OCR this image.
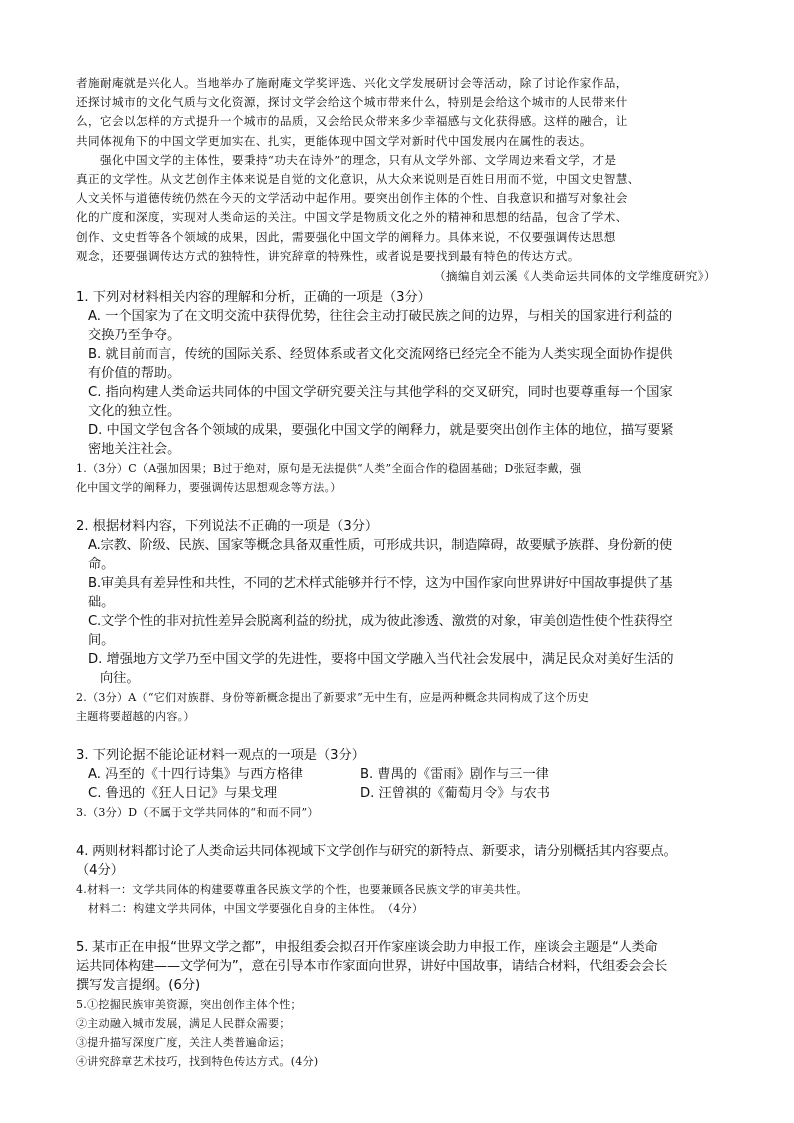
者施耐庵就是兴化人。当地举办了施耐庵文学奖评选、兴化文学发展研讨会等活动，除了讨论作家作品，
还探讨城市的文化气质与文化资源，探讨文学会给这个城市带来什么，特别是会给这个城市的人民带来什
么，它会以怎样的方式提升一个城市的品质，又会给民众带来多少幸福感与文化获得感。这样的融合，让
共同体视角下的中国文学更加实在、扎实，更能体现中国文学对新时代中国发展内在属性的表达。
强化中国文学的主体性，要秉持“功夫在诗外”的理念，只有从文学外部、文学周边来看文学，才是
真正的文学性。从文艺创作主体来说是自觉的文化意识，从大众来说则是百姓日用而不觉，中国文史智慧、
人文关怀与道德传统仍然在今天的文学活动中起作用。要突出创作主体的个性、自我意识和描写对象社会
化的广度和深度，实现对人类命运的关注。中国文学是物质文化之外的精神和思想的结晶，包含了学术、
创作、文史哲等各个领域的成果，因此，需要强化中国文学的阐释力。具体来说，不仅要强调传达思想
观念，还要强调传达方式的独特性，讲究辞章的特殊性，或者说是要找到最有特色的传达方式。
（摘编自刘云溪《人类命运共同体的文学维度研究》）
1. 下列对材料相关内容的理解和分析，正确的一项是（3分）
A. 一个国家为了在文明交流中获得优势，往往会主动打破民族之间的边界，与相关的国家进行利益的
交换乃至争夺。
B. 就目前而言，传统的国际关系、经贸体系或者文化交流网络已经完全不能为人类实现全面协作提供
有价值的帮助。
C. 指向构建人类命运共同体的中国文学研究要关注与其他学科的交叉研究，同时也要尊重每一个国家
文化的独立性。
D. 中国文学包含各个领域的成果，要强化中国文学的阐释力，就是要突出创作主体的地位，描写要紧
密地关注社会。
1.（3分）C（A强加因果；B过于绝对，原句是无法提供“人类”全面合作的稳固基础；D张冠李戴，强
化中国文学的阐释力，要强调传达思想观念等方法。）
2. 根据材料内容，下列说法不正确的一项是（3分）
A.宗教、阶级、民族、国家等概念具备双重性质，可形成共识，制造障碍，故要赋予族群、身份新的使
命。
B.审美具有差异性和共性，不同的艺术样式能够并行不悖，这为中国作家向世界讲好中国故事提供了基
础。
C.文学个性的非对抗性差异会脱离利益的纷扰，成为彼此渗透、激赏的对象，审美创造性使个性获得空
间。
D. 增强地方文学乃至中国文学的先进性，要将中国文学融入当代社会发展中，满足民众对美好生活的
向往。
2.（3分）A（“它们对族群、身份等新概念提出了新要求”无中生有，应是两种概念共同构成了这个历史
主题将要超越的内容。）
3. 下列论据不能论证材料一观点的一项是（3分）
A. 冯至的《十四行诗集》与西方格律	B. 曹禺的《雷雨》剧作与三一律
C. 鲁迅的《狂人日记》与果戈理	D. 汪曾祺的《葡萄月令》与农书
3.（3分）D（不属于文学共同体的“和而不同”）
4. 两则材料都讨论了人类命运共同体视域下文学创作与研究的新特点、新要求，请分别概括其内容要点。
（4分）
4.材料一：文学共同体的构建要尊重各民族文学的个性，也要兼顾各民族文学的审美共性。
材料二：构建文学共同体，中国文学要强化自身的主体性。　（4分）
5. 某市正在申报“世界文学之都”，申报组委会拟召开作家座谈会助力申报工作，座谈会主题是“人类命
运共同体构建——文学何为”，意在引导本市作家面向世界，讲好中国故事，请结合材料，代组委会会长
撰写发言提纲。(6分)
5.①挖掘民族审美资源，突出创作主体个性；
②主动融入城市发展，满足人民群众需要；
③提升描写深度广度，关注人类普遍命运；
④讲究辞章艺术技巧，找到特色传达方式。(4分)
